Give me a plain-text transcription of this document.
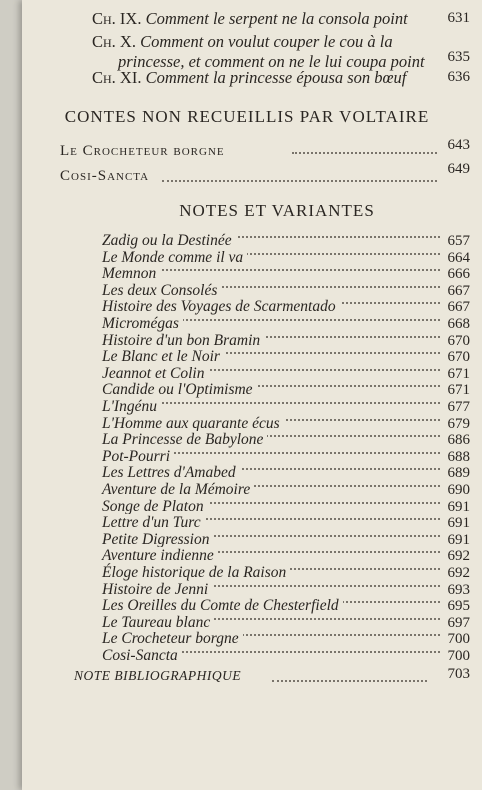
Ch. IX. Comment le serpent ne la consola point	631
Ch. X. Comment on voulut couper le cou à la
princesse, et comment on ne le lui coupa point 635
Ch. XI. Comment la princesse épousa son bœuf	636
CONTES NON RECUEILLIS PAR VOLTAIRE
Le Crocheteur borgne	643
Cosi-Sancta	649
NOTES ET VARIANTES
Zadig ou la Destinée	657
Le Monde comme il va	664
Memnon	666
Les deux Consolés	667
Histoire des Voyages de Scarmentado	667
Micromégas	668
Histoire d'un bon Bramin	670
Le Blanc et le Noir	670
Jeannot et Colin	671
Candide ou l'Optimisme	671
L'Ingénu	677
L'Homme aux quarante écus	679
La Princesse de Babylone	686
Pot-Pourri	688
Les Lettres d'Amabed	689
Aventure de la Mémoire	690
Songe de Platon	691
Lettre d'un Turc	691
Petite Digression	691
Aventure indienne	692
Éloge historique de la Raison	692
Histoire de Jenni	693
Les Oreilles du Comte de Chesterfield	695
Le Taureau blanc	697
Le Crocheteur borgne	700
Cosi-Sancta	700
NOTE BIBLIOGRAPHIQUE	703
